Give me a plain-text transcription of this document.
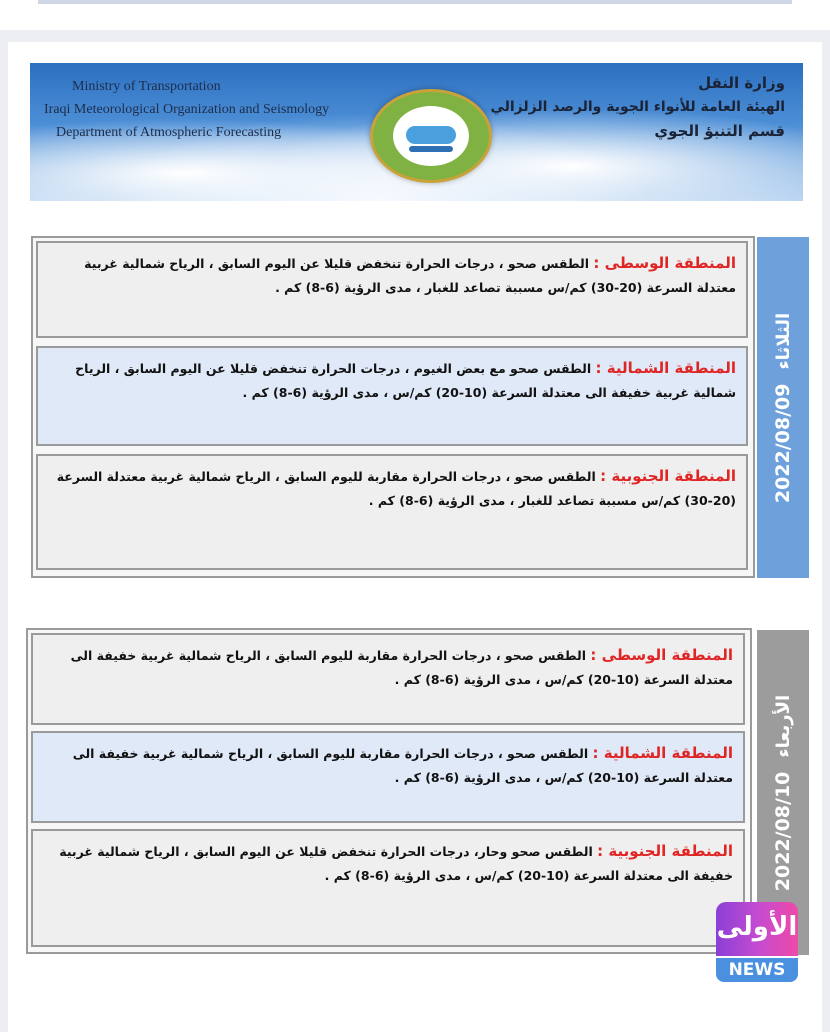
Ministry of Transportation
Iraqi Meteorological Organization and Seismology
Department of Atmospheric Forecasting
وزارة النقل
الهيئة العامة للأنواء الجوية والرصد الزلزالي
قسم التنبؤ الجوي
2022/08/09الثلاثاء
المنطقة الوسطى : الطقس صحو ، درجات الحرارة تنخفض قليلا عن اليوم السابق ، الرياح شمالية غربية معتدلة السرعة (20-30) كم/س مسببة تصاعد للغبار ، مدى الرؤية (6-8) كم .
المنطقة الشمالية : الطقس صحو مع بعض الغيوم ، درجات الحرارة تنخفض قليلا عن اليوم السابق ، الرياح شمالية غربية خفيفة الى معتدلة السرعة (10-20) كم/س ، مدى الرؤية (6-8) كم .
المنطقة الجنوبية : الطقس صحو ، درجات الحرارة مقاربة لليوم السابق ، الرياح شمالية غربية معتدلة السرعة (20-30) كم/س مسببة تصاعد للغبار ، مدى الرؤية (6-8) كم .
2022/08/10الأربعاء
المنطقة الوسطى : الطقس صحو ، درجات الحرارة مقاربة لليوم السابق ، الرياح شمالية غربية خفيفة الى معتدلة السرعة (10-20) كم/س ، مدى الرؤية (6-8) كم .
المنطقة الشمالية : الطقس صحو ، درجات الحرارة مقاربة لليوم السابق ، الرياح شمالية غربية خفيفة الى معتدلة السرعة (10-20) كم/س ، مدى الرؤية (6-8) كم .
المنطقة الجنوبية : الطقس صحو وحار، درجات الحرارة تنخفض قليلا عن اليوم السابق ، الرياح شمالية غربية خفيفة الى معتدلة السرعة (10-20) كم/س ، مدى الرؤية (6-8) كم .
الأولى
NEWS
